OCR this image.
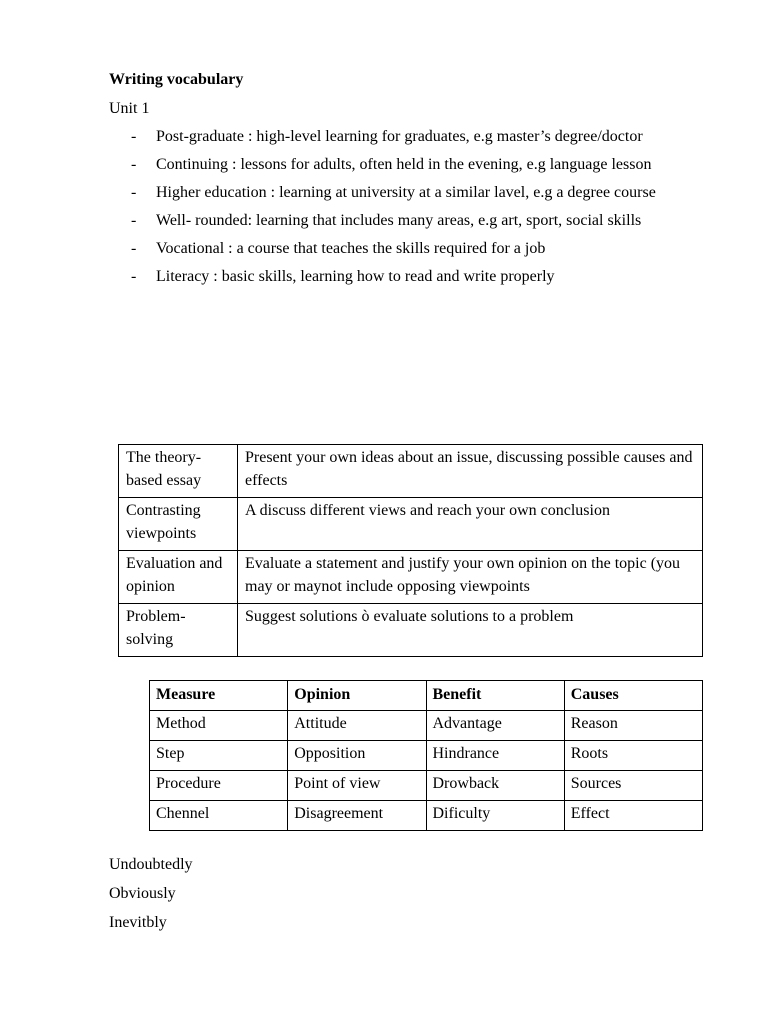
Writing vocabulary
Unit 1
- Post-graduate : high-level learning for graduates, e.g master’s degree/doctor
- Continuing : lessons for adults, often held in the evening, e.g language lesson
- Higher education : learning at university at a similar lavel, e.g a degree course
- Well- rounded: learning that includes many areas, e.g art, sport, social skills
- Vocational : a course that teaches the skills required for a job
- Literacy : basic skills, learning how to read and write properly
The theory-based essay	Present your own ideas about an issue, discussing possible causes and effects
Contrasting viewpoints	A discuss different views and reach your own conclusion
Evaluation and opinion	Evaluate a statement and justify your own opinion on the topic (you may or maynot include opposing viewpoints
Problem-solving	Suggest solutions ò evaluate solutions to a problem
Measure	Opinion	Benefit	Causes
Method	Attitude	Advantage	Reason
Step	Opposition	Hindrance	Roots
Procedure	Point of view	Drowback	Sources
Chennel	Disagreement	Dificulty	Effect
Undoubtedly
Obviously
Inevitbly
